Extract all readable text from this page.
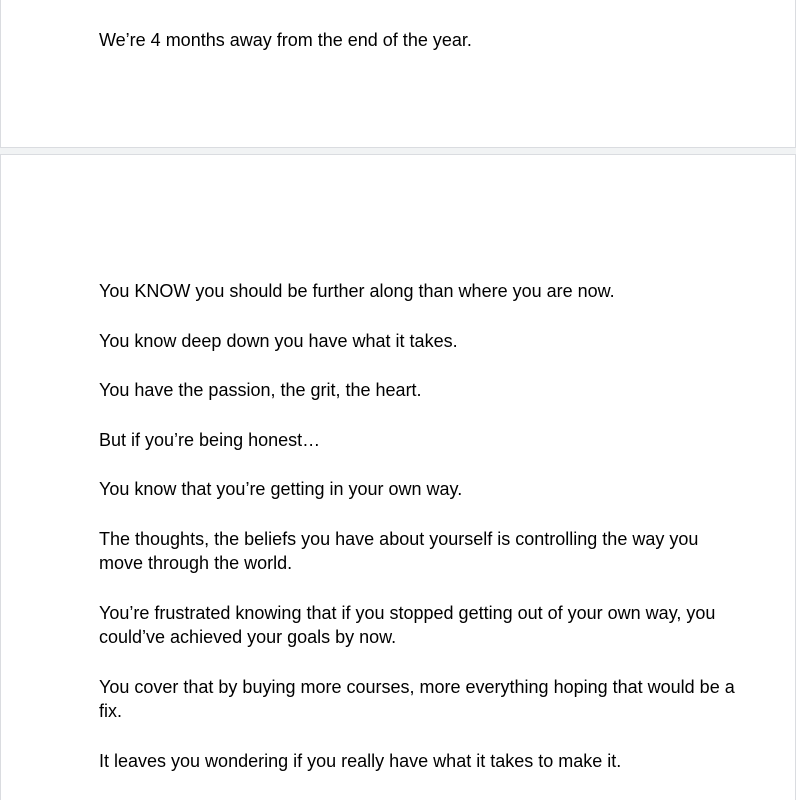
We’re 4 months away from the end of the year.

You KNOW you should be further along than where you are now.

You know deep down you have what it takes.

You have the passion, the grit, the heart.

But if you’re being honest…

You know that you’re getting in your own way.

The thoughts, the beliefs you have about yourself is controlling the way you move through the world.

You’re frustrated knowing that if you stopped getting out of your own way, you could’ve achieved your goals by now.

You cover that by buying more courses, more everything hoping that would be a fix.

It leaves you wondering if you really have what it takes to make it.
